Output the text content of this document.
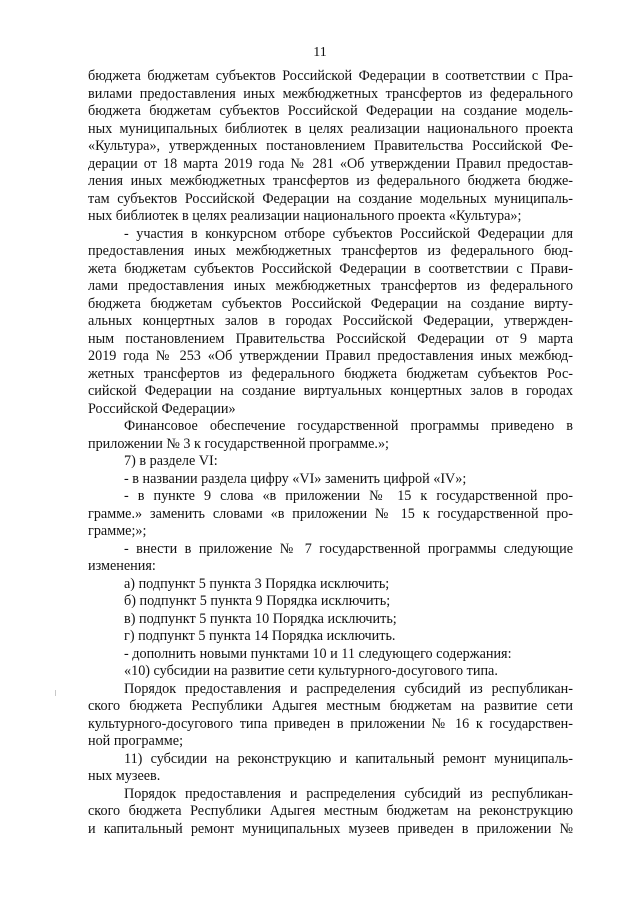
11
бюджета бюджетам субъектов Российской Федерации в соответствии с Пра-
вилами предоставления иных межбюджетных трансфертов из федерального
бюджета бюджетам субъектов Российской Федерации на создание модель-
ных муниципальных библиотек в целях реализации национального проекта
«Культура», утвержденных постановлением Правительства Российской Фе-
дерации от 18 марта 2019 года № 281 «Об утверждении Правил предостав-
ления иных межбюджетных трансфертов из федерального бюджета бюдже-
там субъектов Российской Федерации на создание модельных муниципаль-
ных библиотек в целях реализации национального проекта «Культура»;
- участия в конкурсном отборе субъектов Российской Федерации для
предоставления иных межбюджетных трансфертов из федерального бюд-
жета бюджетам субъектов Российской Федерации в соответствии с Прави-
лами предоставления иных межбюджетных трансфертов из федерального
бюджета бюджетам субъектов Российской Федерации на создание вирту-
альных концертных залов в городах Российской Федерации, утвержден-
ным постановлением Правительства Российской Федерации от 9 марта
2019 года № 253 «Об утверждении Правил предоставления иных межбюд-
жетных трансфертов из федерального бюджета бюджетам субъектов Рос-
сийской Федерации на создание виртуальных концертных залов в городах
Российской Федерации»
Финансовое обеспечение государственной программы приведено в
приложении № 3 к государственной программе.»;
7) в разделе VI:
- в названии раздела цифру «VI» заменить цифрой «IV»;
- в пункте 9 слова «в приложении № 15 к государственной про-
грамме.» заменить словами «в приложении № 15 к государственной про-
грамме;»;
- внести в приложение № 7 государственной программы следующие
изменения:
а) подпункт 5 пункта 3 Порядка исключить;
б) подпункт 5 пункта 9 Порядка исключить;
в) подпункт 5 пункта 10 Порядка исключить;
г) подпункт 5 пункта 14 Порядка исключить.
- дополнить новыми пунктами 10 и 11 следующего содержания:
«10) субсидии на развитие сети культурного-досугового типа.
Порядок предоставления и распределения субсидий из республикан-
ского бюджета Республики Адыгея местным бюджетам на развитие сети
культурного-досугового типа приведен в приложении № 16 к государствен-
ной программе;
11) субсидии на реконструкцию и капитальный ремонт муниципаль-
ных музеев.
Порядок предоставления и распределения субсидий из республикан-
ского бюджета Республики Адыгея местным бюджетам на реконструкцию
и капитальный ремонт муниципальных музеев приведен в приложении №
